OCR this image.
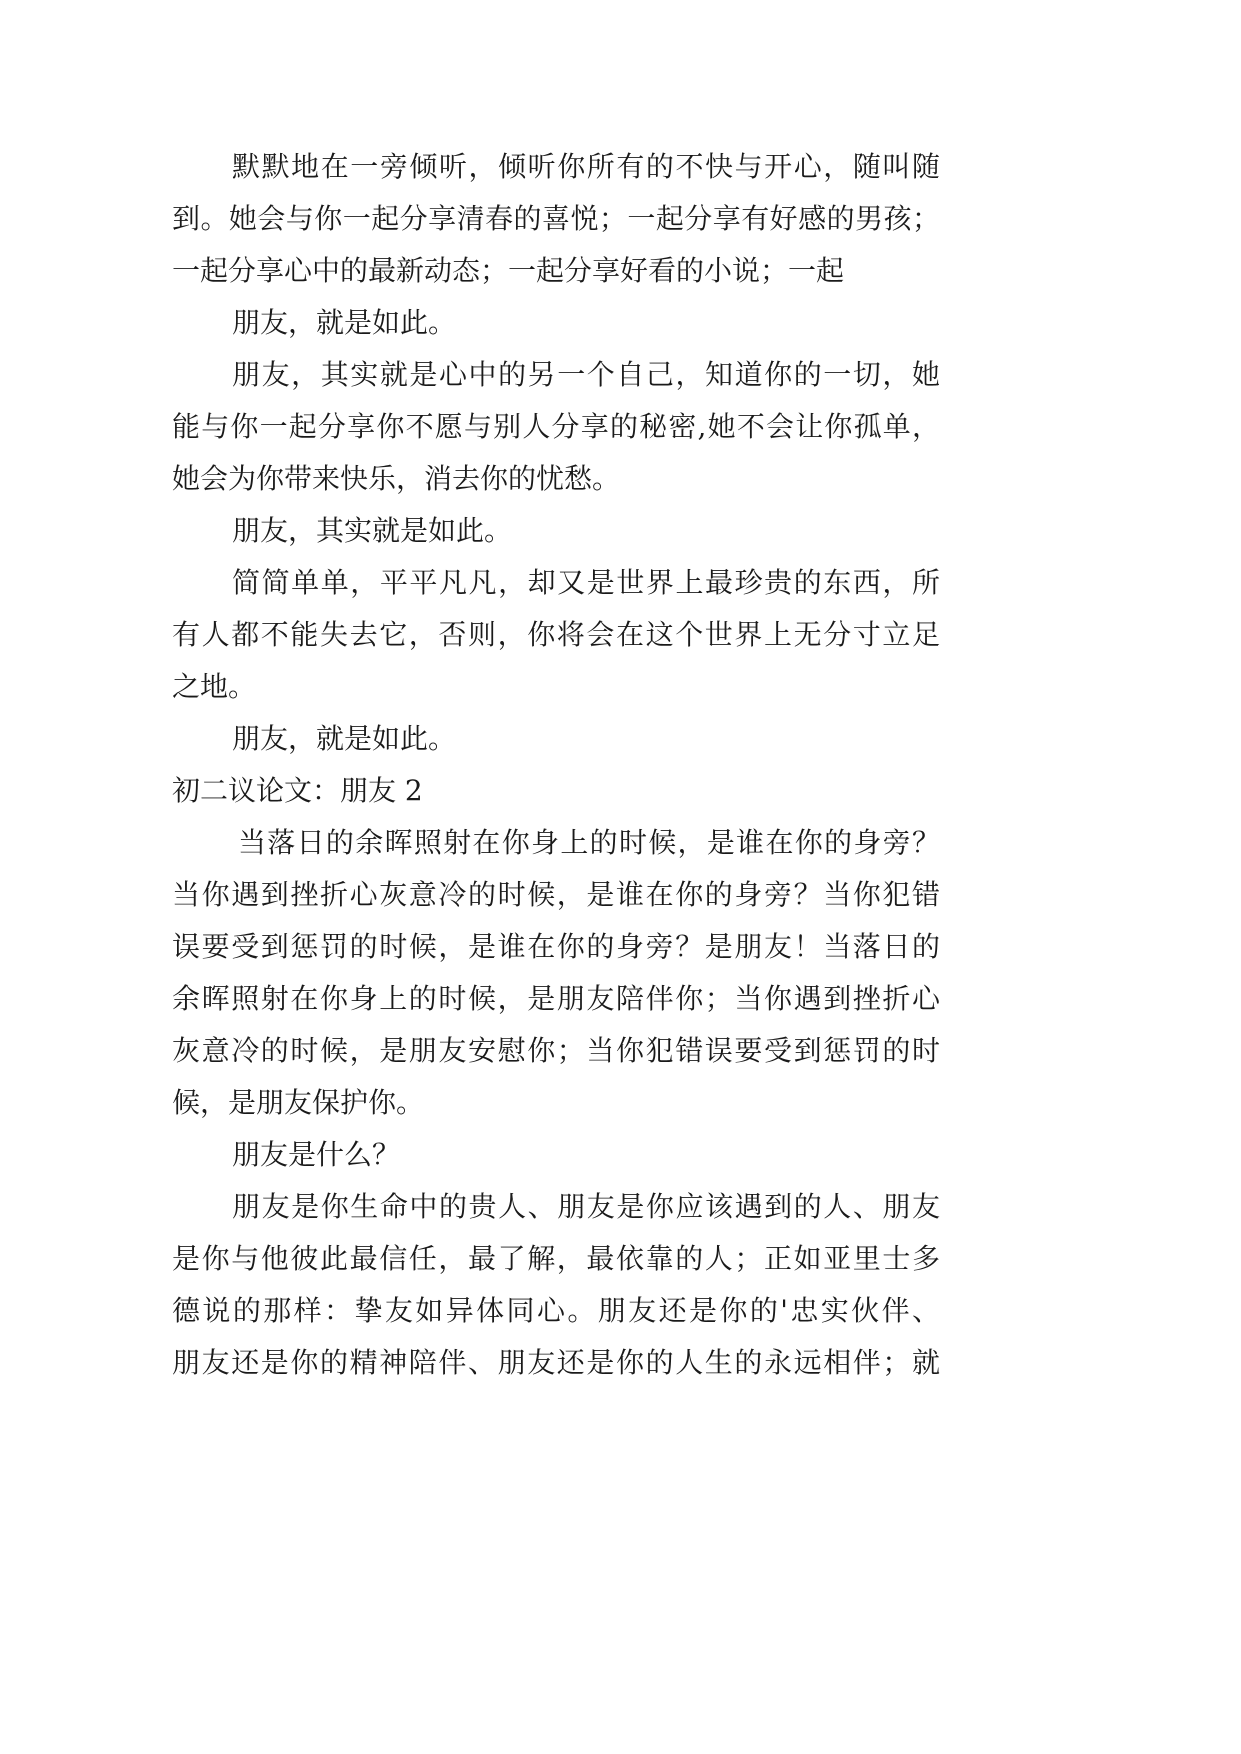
默默地在一旁倾听，倾听你所有的不快与开心，随叫随
到。她会与你一起分享清春的喜悦；一起分享有好感的男孩；
一起分享心中的最新动态；一起分享好看的小说；一起
朋友，就是如此。
朋友，其实就是心中的另一个自己，知道你的一切，她
能与你一起分享你不愿与别人分享的秘密,她不会让你孤单，
她会为你带来快乐，消去你的忧愁。
朋友，其实就是如此。
简简单单，平平凡凡，却又是世界上最珍贵的东西，所
有人都不能失去它，否则，你将会在这个世界上无分寸立足
之地。
朋友，就是如此。
初二议论文：朋友 2
当落日的余晖照射在你身上的时候，是谁在你的身旁？
当你遇到挫折心灰意冷的时候，是谁在你的身旁？当你犯错
误要受到惩罚的时候，是谁在你的身旁？是朋友！当落日的
余晖照射在你身上的时候，是朋友陪伴你；当你遇到挫折心
灰意冷的时候，是朋友安慰你；当你犯错误要受到惩罚的时
候，是朋友保护你。
朋友是什么？
朋友是你生命中的贵人、朋友是你应该遇到的人、朋友
是你与他彼此最信任，最了解，最依靠的人；正如亚里士多
德说的那样：挚友如异体同心。朋友还是你的'忠实伙伴、
朋友还是你的精神陪伴、朋友还是你的人生的永远相伴；就
